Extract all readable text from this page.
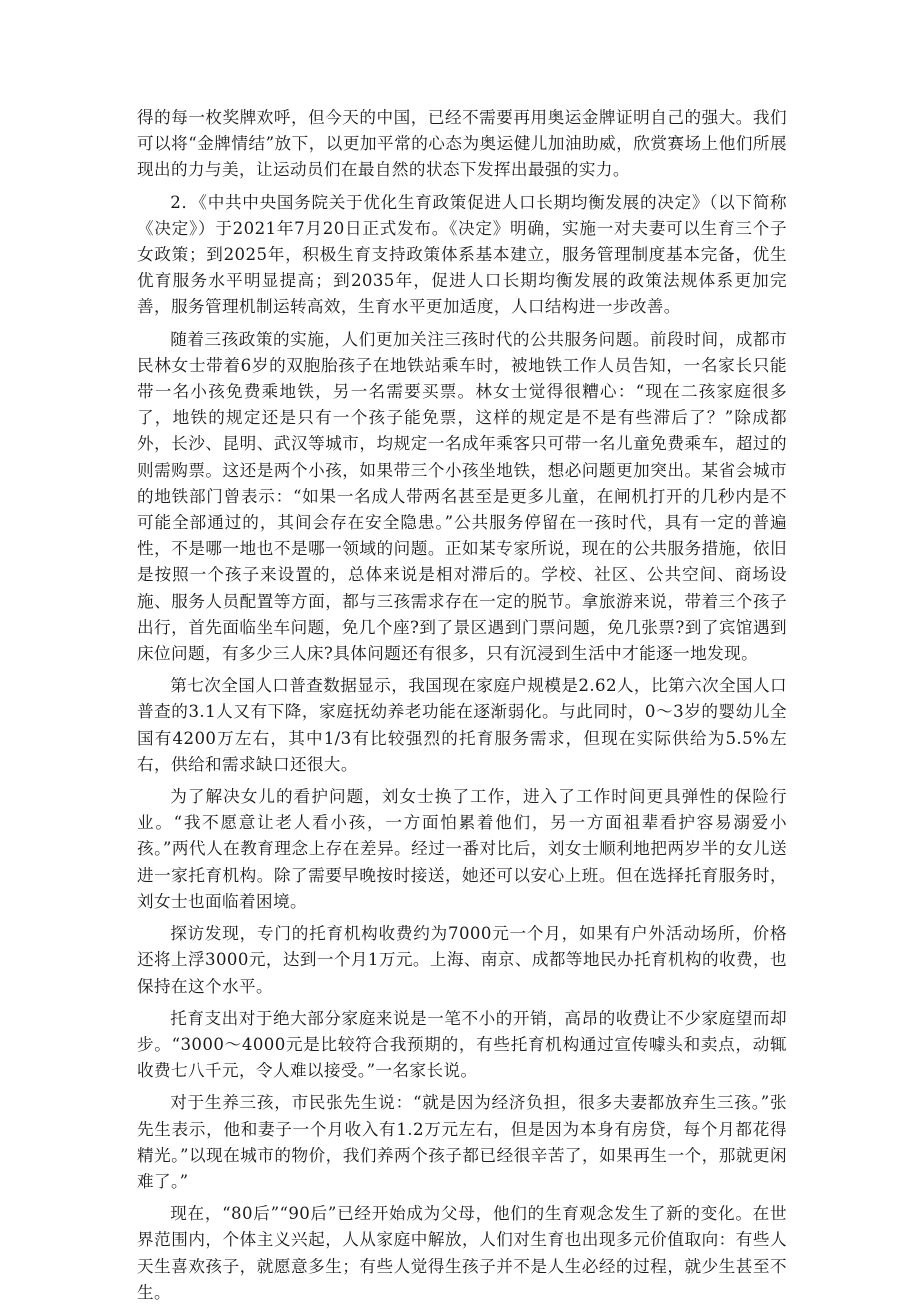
得的每一枚奖牌欢呼，但今天的中国，已经不需要再用奥运金牌证明自己的强大。我们可以将“金牌情结”放下，以更加平常的心态为奥运健儿加油助威，欣赏赛场上他们所展现出的力与美，让运动员们在最自然的状态下发挥出最强的实力。

2．《中共中央国务院关于优化生育政策促进人口长期均衡发展的决定》（以下简称《决定》）于2021年7月20日正式发布。《决定》明确，实施一对夫妻可以生育三个子女政策；到2025年，积极生育支持政策体系基本建立，服务管理制度基本完备，优生优育服务水平明显提高；到2035年，促进人口长期均衡发展的政策法规体系更加完善，服务管理机制运转高效，生育水平更加适度，人口结构进一步改善。

随着三孩政策的实施，人们更加关注三孩时代的公共服务问题。前段时间，成都市民林女士带着6岁的双胞胎孩子在地铁站乘车时，被地铁工作人员告知，一名家长只能带一名小孩免费乘地铁，另一名需要买票。林女士觉得很糟心：“现在二孩家庭很多了，地铁的规定还是只有一个孩子能免票，这样的规定是不是有些滞后了？”除成都外，长沙、昆明、武汉等城市，均规定一名成年乘客只可带一名儿童免费乘车，超过的则需购票。这还是两个小孩，如果带三个小孩坐地铁，想必问题更加突出。某省会城市的地铁部门曾表示：“如果一名成人带两名甚至是更多儿童，在闸机打开的几秒内是不可能全部通过的，其间会存在安全隐患。”公共服务停留在一孩时代，具有一定的普遍性，不是哪一地也不是哪一领域的问题。正如某专家所说，现在的公共服务措施，依旧是按照一个孩子来设置的，总体来说是相对滞后的。学校、社区、公共空间、商场设施、服务人员配置等方面，都与三孩需求存在一定的脱节。拿旅游来说，带着三个孩子出行，首先面临坐车问题，免几个座?到了景区遇到门票问题，免几张票?到了宾馆遇到床位问题，有多少三人床?具体问题还有很多，只有沉浸到生活中才能逐一地发现。

第七次全国人口普查数据显示，我国现在家庭户规模是2.62人，比第六次全国人口普查的3.1人又有下降，家庭抚幼养老功能在逐渐弱化。与此同时，0〜3岁的婴幼儿全国有4200万左右，其中1/3有比较强烈的托育服务需求，但现在实际供给为5.5%左右，供给和需求缺口还很大。

为了解决女儿的看护问题，刘女士换了工作，进入了工作时间更具弹性的保险行业。“我不愿意让老人看小孩，一方面怕累着他们，另一方面祖辈看护容易溺爱小孩。”两代人在教育理念上存在差异。经过一番对比后，刘女士顺利地把两岁半的女儿送进一家托育机构。除了需要早晚按时接送，她还可以安心上班。但在选择托育服务时，刘女士也面临着困境。

探访发现，专门的托育机构收费约为7000元一个月，如果有户外活动场所，价格还将上浮3000元，达到一个月1万元。上海、南京、成都等地民办托育机构的收费，也保持在这个水平。

托育支出对于绝大部分家庭来说是一笔不小的开销，高昂的收费让不少家庭望而却步。“3000〜4000元是比较符合我预期的，有些托育机构通过宣传噱头和卖点，动辄收费七八千元，令人难以接受。”一名家长说。

对于生养三孩，市民张先生说：“就是因为经济负担，很多夫妻都放弃生三孩。”张先生表示，他和妻子一个月收入有1.2万元左右，但是因为本身有房贷，每个月都花得精光。”以现在城市的物价，我们养两个孩子都已经很辛苦了，如果再生一个，那就更闲难了。”

现在，“80后”“90后”已经开始成为父母，他们的生育观念发生了新的变化。在世界范围内，个体主义兴起，人从家庭中解放，人们对生育也出现多元价值取向：有些人天生喜欢孩子，就愿意多生；有些人觉得生孩子并不是人生必经的过程，就少生甚至不生。
